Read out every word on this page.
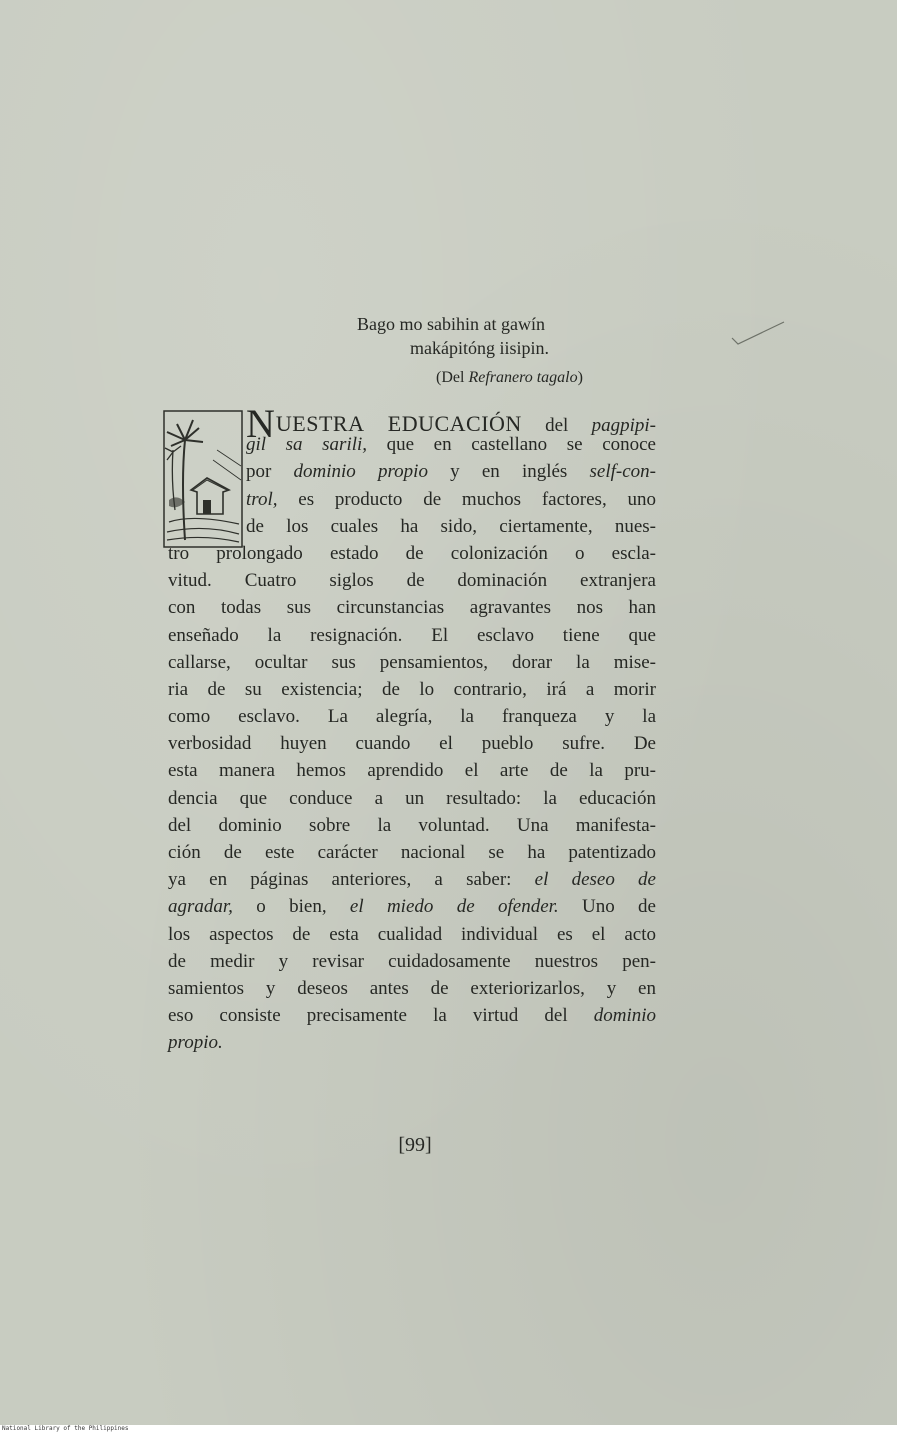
Bago mo sabihin at gawín
makápitóng iisipin.
(Del Refranero tagalo)
NUESTRA EDUCACIÓN del pagpipi-
gil sa sarili, que en castellano se conoce
por dominio propio y en inglés self-con-
trol, es producto de muchos factores, uno
de los cuales ha sido, ciertamente, nues-
tro prolongado estado de colonización o escla-
vitud. Cuatro siglos de dominación extranjera
con todas sus circunstancias agravantes nos han
enseñado la resignación. El esclavo tiene que
callarse, ocultar sus pensamientos, dorar la mise-
ria de su existencia; de lo contrario, irá a morir
como esclavo. La alegría, la franqueza y la
verbosidad huyen cuando el pueblo sufre. De
esta manera hemos aprendido el arte de la pru-
dencia que conduce a un resultado: la educación
del dominio sobre la voluntad. Una manifesta-
ción de este carácter nacional se ha patentizado
ya en páginas anteriores, a saber: el deseo de
agradar, o bien, el miedo de ofender. Uno de
los aspectos de esta cualidad individual es el acto
de medir y revisar cuidadosamente nuestros pen-
samientos y deseos antes de exteriorizarlos, y en
eso consiste precisamente la virtud del dominio
propio.
[99]
National Library of the Philippines
